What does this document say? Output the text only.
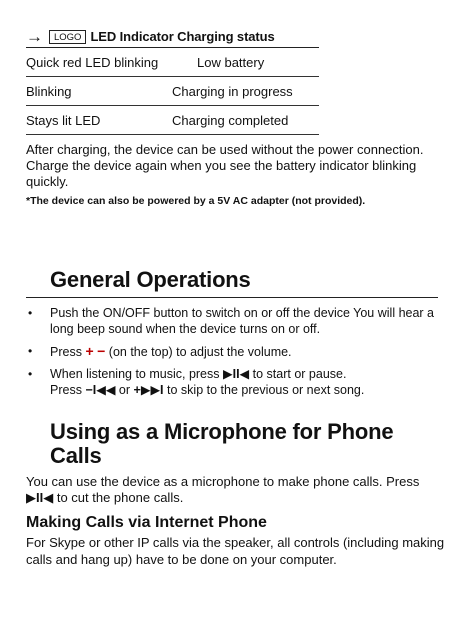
→	LOGO LED Indicator Charging status
Quick red LED blinking	Low battery
Blinking	Charging in progress
Stays lit LED	Charging completed

After charging, the device can be used without the power connection. Charge the device again when you see the battery indicator blinking quickly.

*The device can also be powered by a 5V AC adapter (not provided).

General Operations
•	Push the ON/OFF button to switch on or off the device You will hear a long beep sound when the device turns on or off.
•	Press + − (on the top) to adjust the volume.
•	When listening to music, press ▶II◀ to start or pause.
Press −I◀◀ or +▶▶I to skip to the previous or next song.
Using as a Microphone for Phone Calls

You can use the device as a microphone to make phone calls. Press ▶II◀ to cut the phone calls.

Making Calls via Internet Phone

For Skype or other IP calls via the speaker, all controls (including making calls and hang up) have to be done on your computer.
